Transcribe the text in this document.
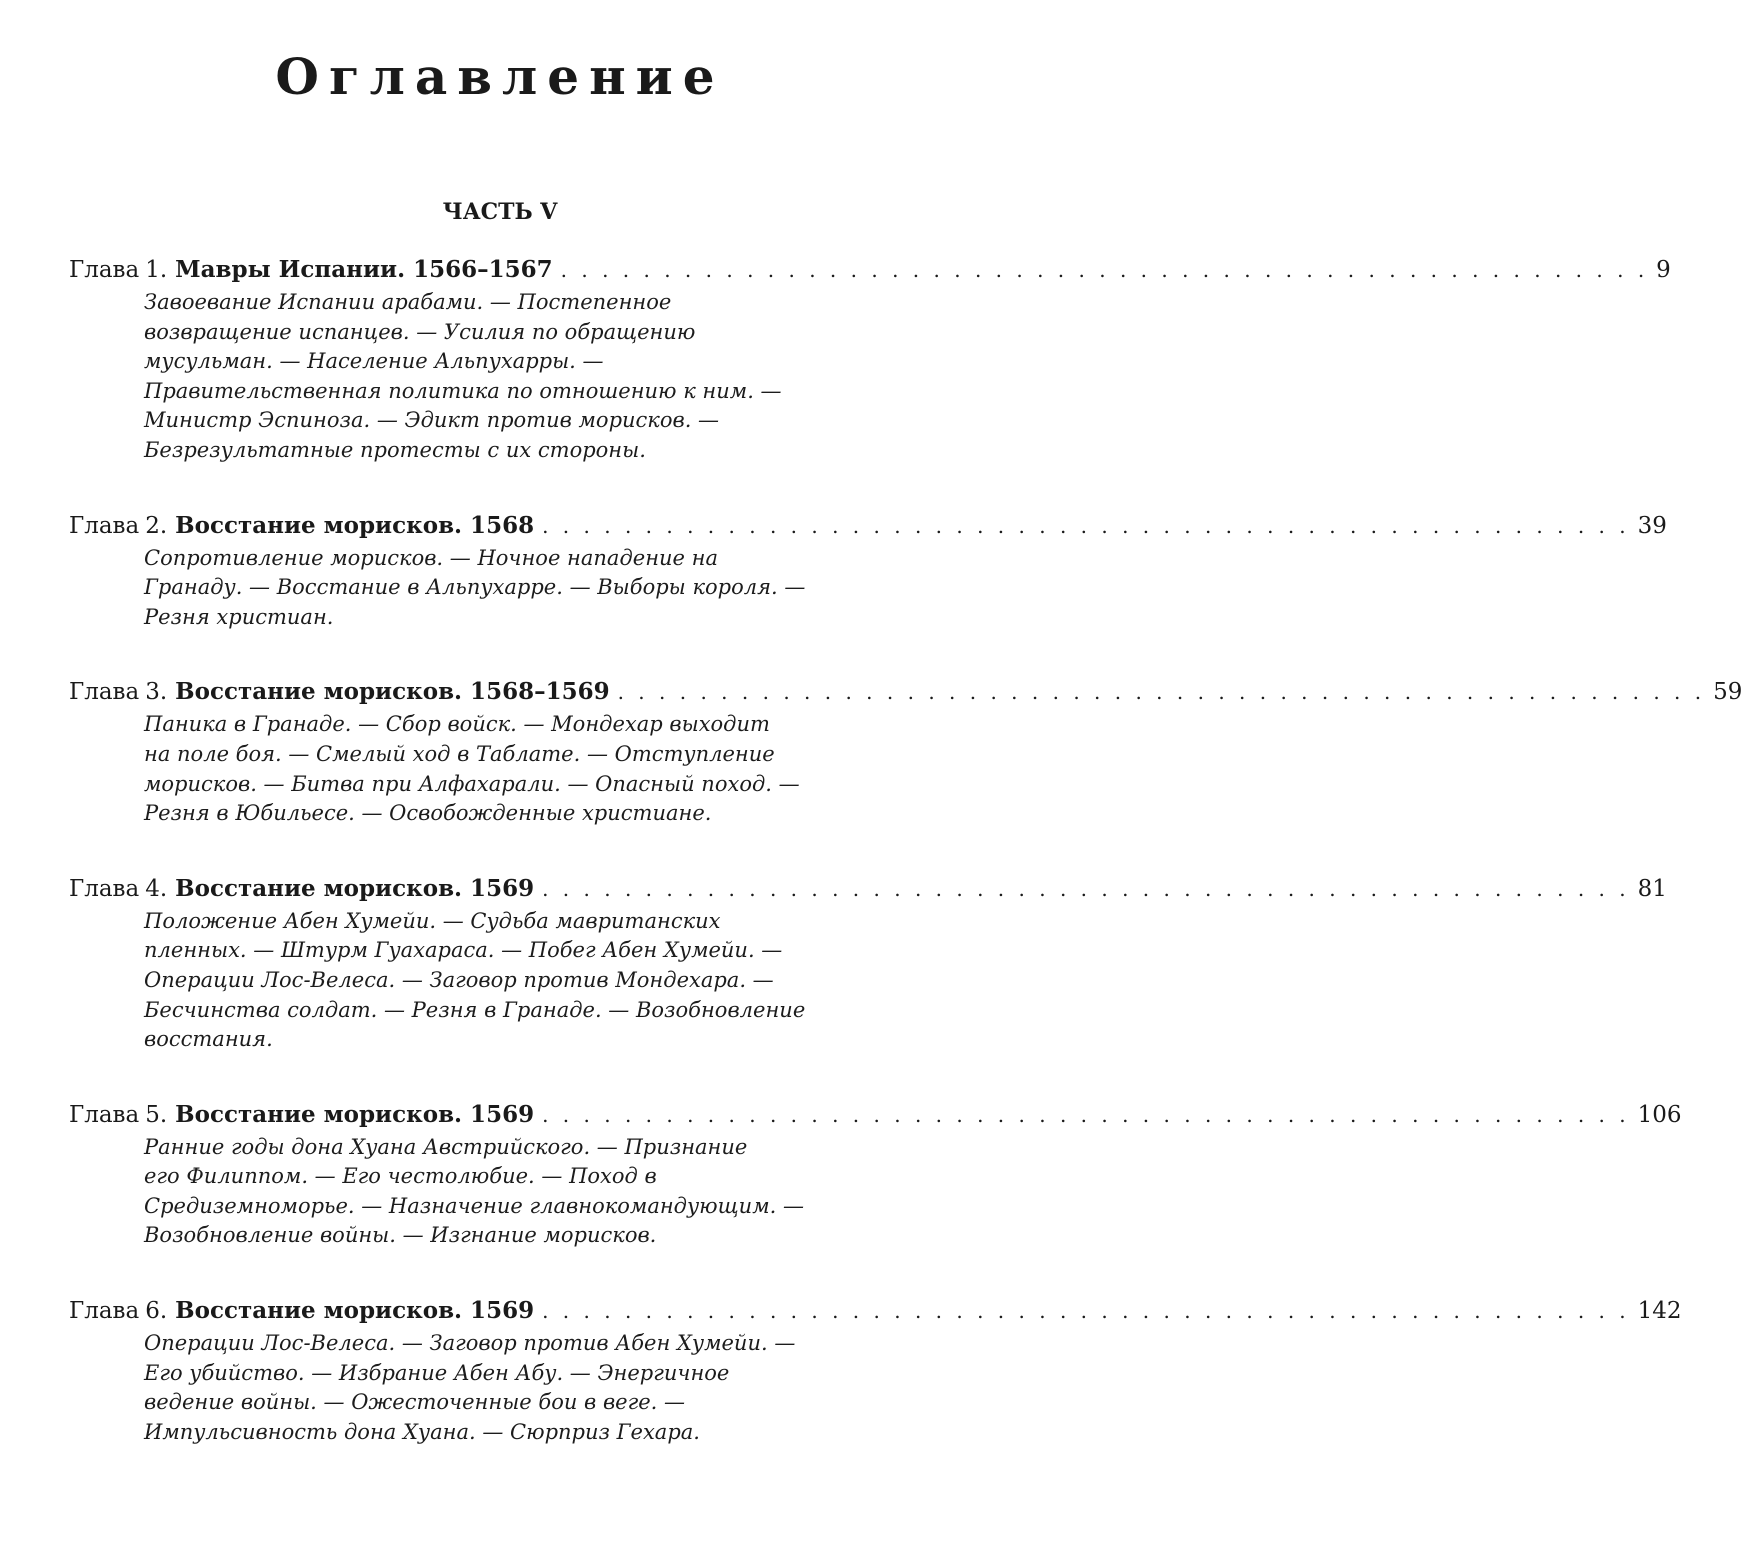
Оглавление
ЧАСТЬ V
Глава 1. Мавры Испании. 1566–1567 . . . . . . . . . . . . . . . . . . . . . . . . . . . . . . . . . . . . . . . . . . . . . . . . . . . . . 9

Завоевание Испании арабами. — Постепенное
возвращение испанцев. — Усилия по обращению
мусульман. — Население Альпухарры. —
Правительственная политика по отношению к ним. —
Министр Эспиноза. — Эдикт против морисков. —
Безрезультатные протесты с их стороны.

Глава 2. Восстание морисков. 1568 . . . . . . . . . . . . . . . . . . . . . . . . . . . . . . . . . . . . . . . . . . . . . . . . . . . . . 39

Сопротивление морисков. — Ночное нападение на
Гранаду. — Восстание в Альпухарре. — Выборы короля. —
Резня христиан.

Глава 3. Восстание морисков. 1568–1569 . . . . . . . . . . . . . . . . . . . . . . . . . . . . . . . . . . . . . . . . . . . . . . . . . . . . . 59

Паника в Гранаде. — Сбор войск. — Мондехар выходит
на поле боя. — Смелый ход в Таблате. — Отступление
морисков. — Битва при Алфахарали. — Опасный поход. —
Резня в Юбильесе. — Освобожденные христиане.

Глава 4. Восстание морисков. 1569 . . . . . . . . . . . . . . . . . . . . . . . . . . . . . . . . . . . . . . . . . . . . . . . . . . . . . 81

Положение Абен Хумейи. — Судьба мавританских
пленных. — Штурм Гуахараса. — Побег Абен Хумейи. —
Операции Лос-Велеса. — Заговор против Мондехара. —
Бесчинства солдат. — Резня в Гранаде. — Возобновление
восстания.

Глава 5. Восстание морисков. 1569 . . . . . . . . . . . . . . . . . . . . . . . . . . . . . . . . . . . . . . . . . . . . . . . . . . . . . 106

Ранние годы дона Хуана Австрийского. — Признание
его Филиппом. — Его честолюбие. — Поход в
Средиземноморье. — Назначение главнокомандующим. —
Возобновление войны. — Изгнание морисков.

Глава 6. Восстание морисков. 1569 . . . . . . . . . . . . . . . . . . . . . . . . . . . . . . . . . . . . . . . . . . . . . . . . . . . . . 142

Операции Лос-Велеса. — Заговор против Абен Хумейи. —
Его убийство. — Избрание Абен Абу. — Энергичное
ведение войны. — Ожесточенные бои в веге. —
Импульсивность дона Хуана. — Сюрприз Гехара.
